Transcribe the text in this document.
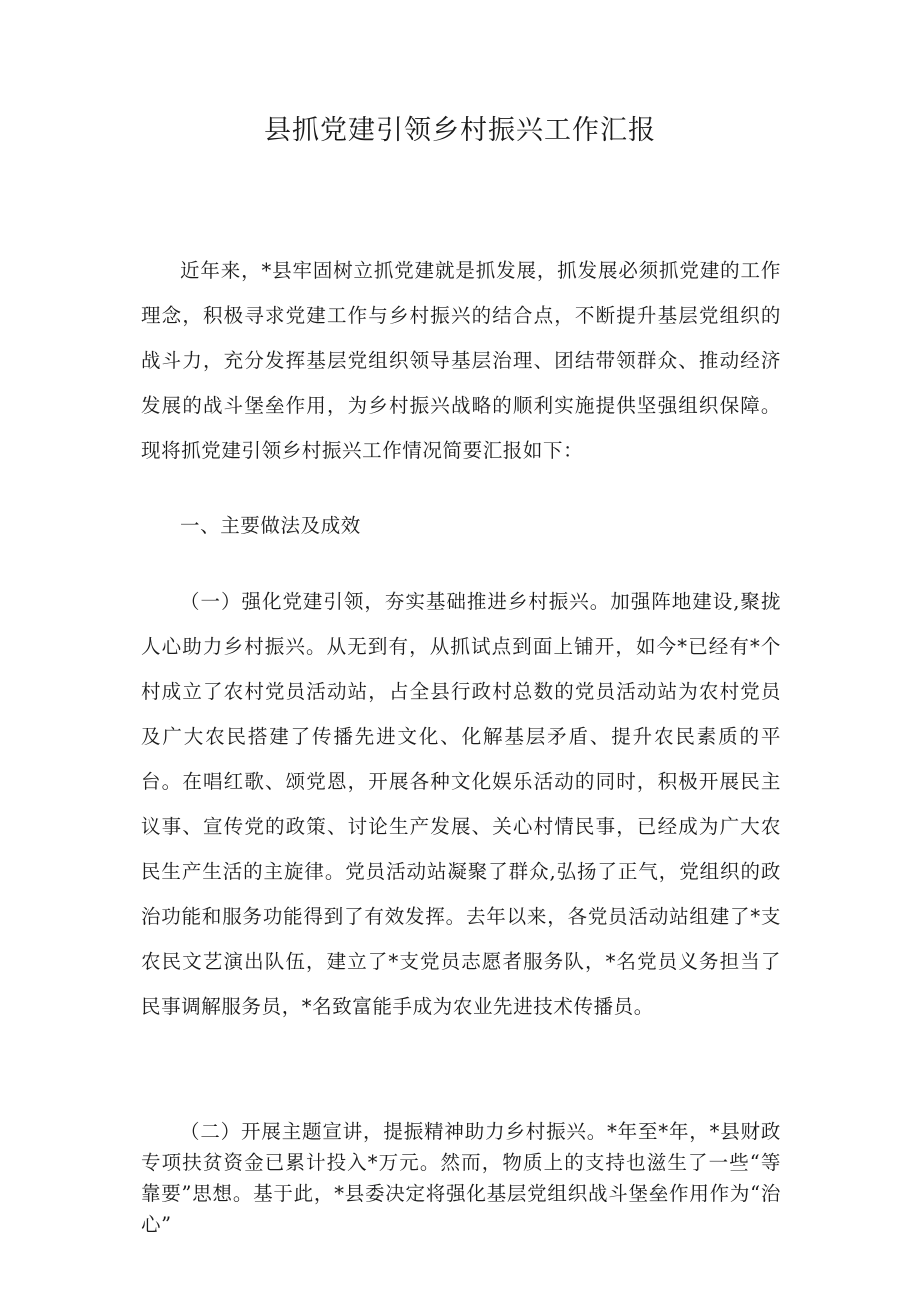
县抓党建引领乡村振兴工作汇报

近年来，*县牢固树立抓党建就是抓发展，抓发展必须抓党建的工作理念，积极寻求党建工作与乡村振兴的结合点，不断提升基层党组织的战斗力，充分发挥基层党组织领导基层治理、团结带领群众、推动经济发展的战斗堡垒作用，为乡村振兴战略的顺利实施提供坚强组织保障。现将抓党建引领乡村振兴工作情况简要汇报如下：

一、主要做法及成效

（一）强化党建引领，夯实基础推进乡村振兴。加强阵地建设,聚拢人心助力乡村振兴。从无到有，从抓试点到面上铺开，如今*已经有*个村成立了农村党员活动站，占全县行政村总数的党员活动站为农村党员及广大农民搭建了传播先进文化、化解基层矛盾、提升农民素质的平台。在唱红歌、颂党恩，开展各种文化娱乐活动的同时，积极开展民主议事、宣传党的政策、讨论生产发展、关心村情民事，已经成为广大农民生产生活的主旋律。党员活动站凝聚了群众,弘扬了正气，党组织的政治功能和服务功能得到了有效发挥。去年以来，各党员活动站组建了*支农民文艺演出队伍，建立了*支党员志愿者服务队，*名党员义务担当了民事调解服务员，*名致富能手成为农业先进技术传播员。

（二）开展主题宣讲，提振精神助力乡村振兴。*年至*年，*县财政专项扶贫资金已累计投入*万元。然而，物质上的支持也滋生了一些“等靠要”思想。基于此，*县委决定将强化基层党组织战斗堡垒作用作为“治心”
